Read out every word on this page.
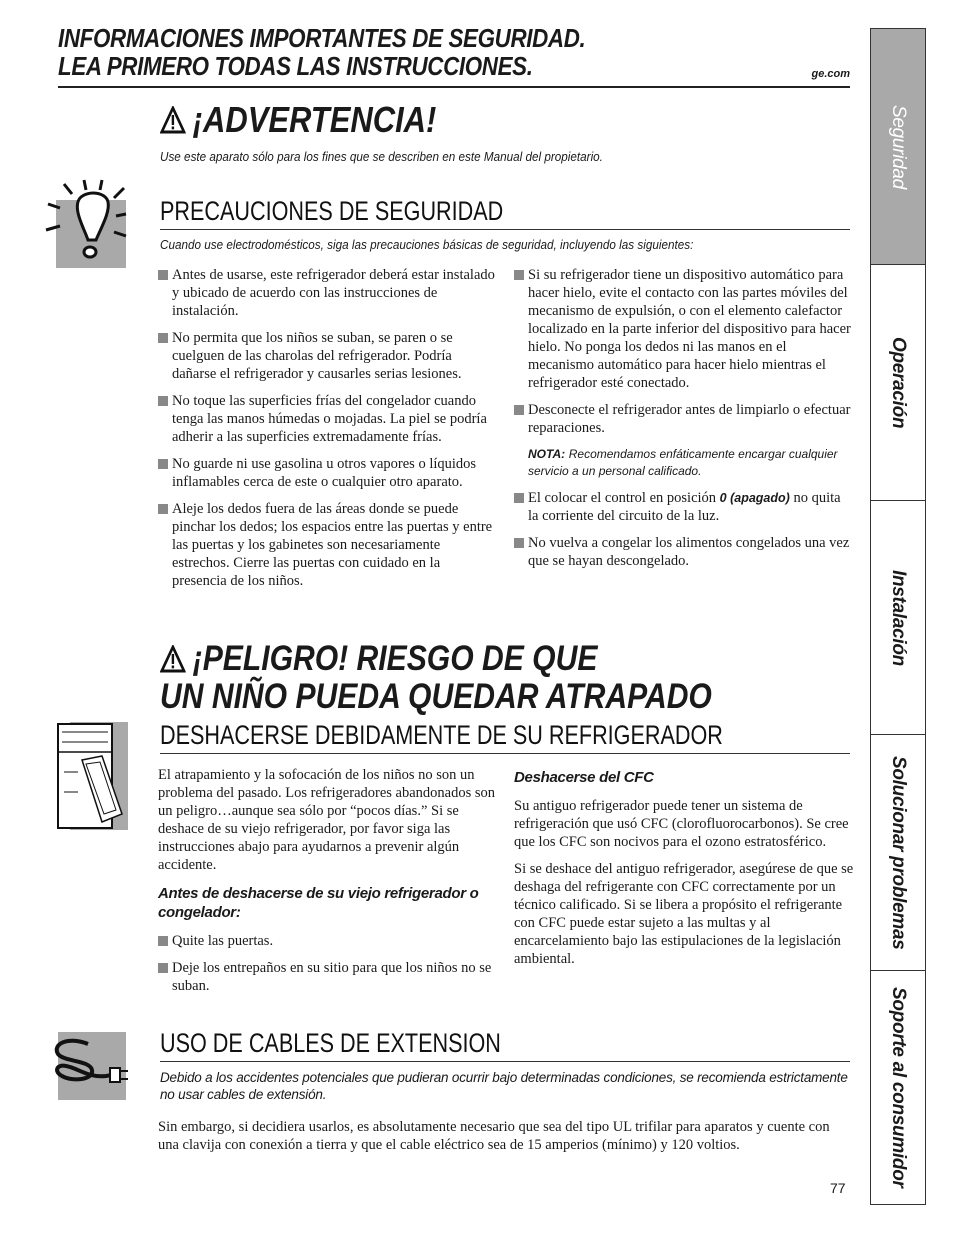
INFORMACIONES IMPORTANTES DE SEGURIDAD.
LEA PRIMERO TODAS LAS INSTRUCCIONES.	ge.com
¡ADVERTENCIA!
Use este aparato sólo para los fines que se describen en este Manual del propietario.
PRECAUCIONES DE SEGURIDAD
Cuando use electrodomésticos, siga las precauciones básicas de seguridad, incluyendo las siguientes:

Antes de usarse, este refrigerador deberá estar instalado y ubicado de acuerdo con las instrucciones de instalación.

No permita que los niños se suban, se paren o se cuelguen de las charolas del refrigerador. Podría dañarse el refrigerador y causarles serias lesiones.

No toque las superficies frías del congelador cuando tenga las manos húmedas o mojadas. La piel se podría adherir a las superficies extremadamente frías.

No guarde ni use gasolina u otros vapores o líquidos inflamables cerca de este o cualquier otro aparato.

Aleje los dedos fuera de las áreas donde se puede pinchar los dedos; los espacios entre las puertas y entre las puertas y los gabinetes son necesariamente estrechos. Cierre las puertas con cuidado en la presencia de los niños.

Si su refrigerador tiene un dispositivo automático para hacer hielo, evite el contacto con las partes móviles del mecanismo de expulsión, o con el elemento calefactor localizado en la parte inferior del dispositivo para hacer hielo. No ponga los dedos ni las manos en el mecanismo automático para hacer hielo mientras el refrigerador esté conectado.

Desconecte el refrigerador antes de limpiarlo o efectuar reparaciones.

NOTA: Recomendamos enfáticamente encargar cualquier servicio a un personal calificado.

El colocar el control en posición 0 (apagado) no quita la corriente del circuito de la luz.

No vuelva a congelar los alimentos congelados una vez que se hayan descongelado.

¡PELIGRO! RIESGO DE QUE
UN NIÑO PUEDA QUEDAR ATRAPADO
DESHACERSE DEBIDAMENTE DE SU REFRIGERADOR

El atrapamiento y la sofocación de los niños no son un problema del pasado. Los refrigeradores abandonados son un peligro…aunque sea sólo por “pocos días.” Si se deshace de su viejo refrigerador, por favor siga las instrucciones abajo para ayudarnos a prevenir algún accidente.

Antes de deshacerse de su viejo refrigerador o congelador:

Quite las puertas.

Deje los entrepaños en su sitio para que los niños no se suban.

Deshacerse del CFC

Su antiguo refrigerador puede tener un sistema de refrigeración que usó CFC (clorofluorocarbonos). Se cree que los CFC son nocivos para el ozono estratosférico.

Si se deshace del antiguo refrigerador, asegúrese de que se deshaga del refrigerante con CFC correctamente por un técnico calificado. Si se libera a propósito el refrigerante con CFC puede estar sujeto a las multas y al encarcelamiento bajo las estipulaciones de la legislación ambiental.

USO DE CABLES DE EXTENSION

Debido a los accidentes potenciales que pudieran ocurrir bajo determinadas condiciones, se recomienda estrictamente no usar cables de extensión.

Sin embargo, si decidiera usarlos, es absolutamente necesario que sea del tipo UL trifilar para aparatos y cuente con una clavija con conexión a tierra y que el cable eléctrico sea de 15 amperios (mínimo) y 120 voltios.

Seguridad
Operación
Instalación
Solucionar problemas
Soporte al consumidor
77
